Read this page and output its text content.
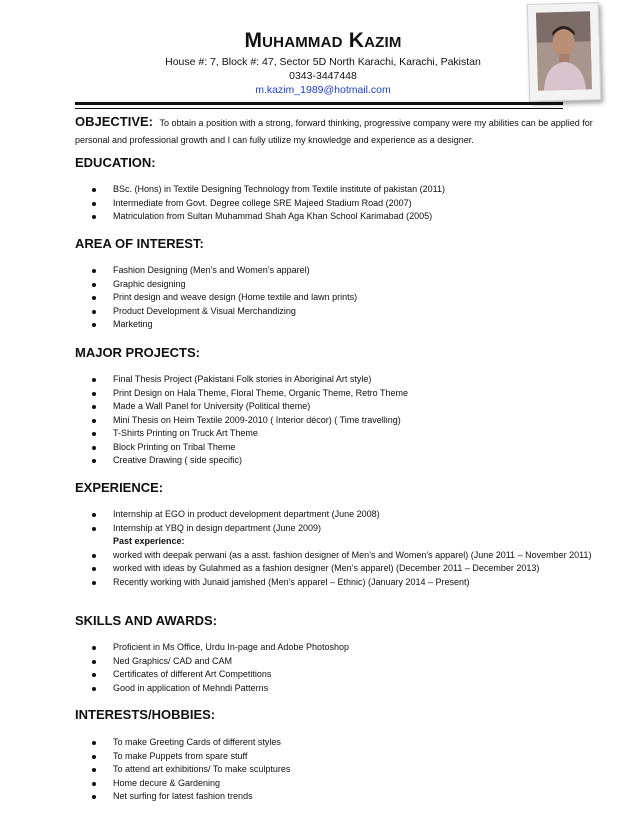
Muhammad Kazim
House #: 7, Block #: 47, Sector 5D North Karachi, Karachi, Pakistan
0343-3447448
m.kazim_1989@hotmail.com
OBJECTIVE: To obtain a position with a strong, forward thinking, progressive company were my abilities can be applied for personal and professional growth and I can fully utilize my knowledge and experience as a designer.
EDUCATION:
BSc. (Hons) in Textile Designing Technology from Textile institute of pakistan (2011)
Intermediate from Govt. Degree college SRE Majeed Stadium Road (2007)
Matriculation from Sultan Muhammad Shah Aga Khan School Karimabad (2005)
AREA OF INTEREST:
Fashion Designing (Men’s and Women’s apparel)
Graphic designing
Print design and weave design (Home textile and lawn prints)
Product Development & Visual Merchandizing
Marketing
MAJOR PROJECTS:
Final Thesis Project (Pakistani Folk stories in Aboriginal Art style)
Print Design on Hala Theme, Floral Theme, Organic Theme, Retro Theme
Made a Wall Panel for University (Political theme)
Mini Thesis on Heim Textile 2009-2010 ( Interior décor) ( Time travelling)
T-Shirts Printing on Truck Art Theme
Block Printing on Tribal Theme
Creative Drawing ( side specific)
EXPERIENCE:
Internship at EGO in product development department (June 2008)
Internship at YBQ in design department (June 2009)
Past experience:
worked with deepak perwani (as a asst. fashion designer of Men’s and Women’s apparel) (June 2011 – November 2011)
worked with ideas by Gulahmed as a fashion designer (Men’s apparel) (December 2011 – December 2013)
Recently working with Junaid jamshed (Men’s apparel – Ethnic) (January 2014 – Present)
SKILLS AND AWARDS:
Proficient in Ms Office, Urdu In-page and Adobe Photoshop
Ned Graphics/ CAD and CAM
Certificates of different Art Competitions
Good in application of Mehndi Patterns
INTERESTS/HOBBIES:
To make Greeting Cards of different styles
To make Puppets from spare stuff
To attend art exhibitions/ To make sculptures
Home decure & Gardening
Net surfing for latest fashion trends
